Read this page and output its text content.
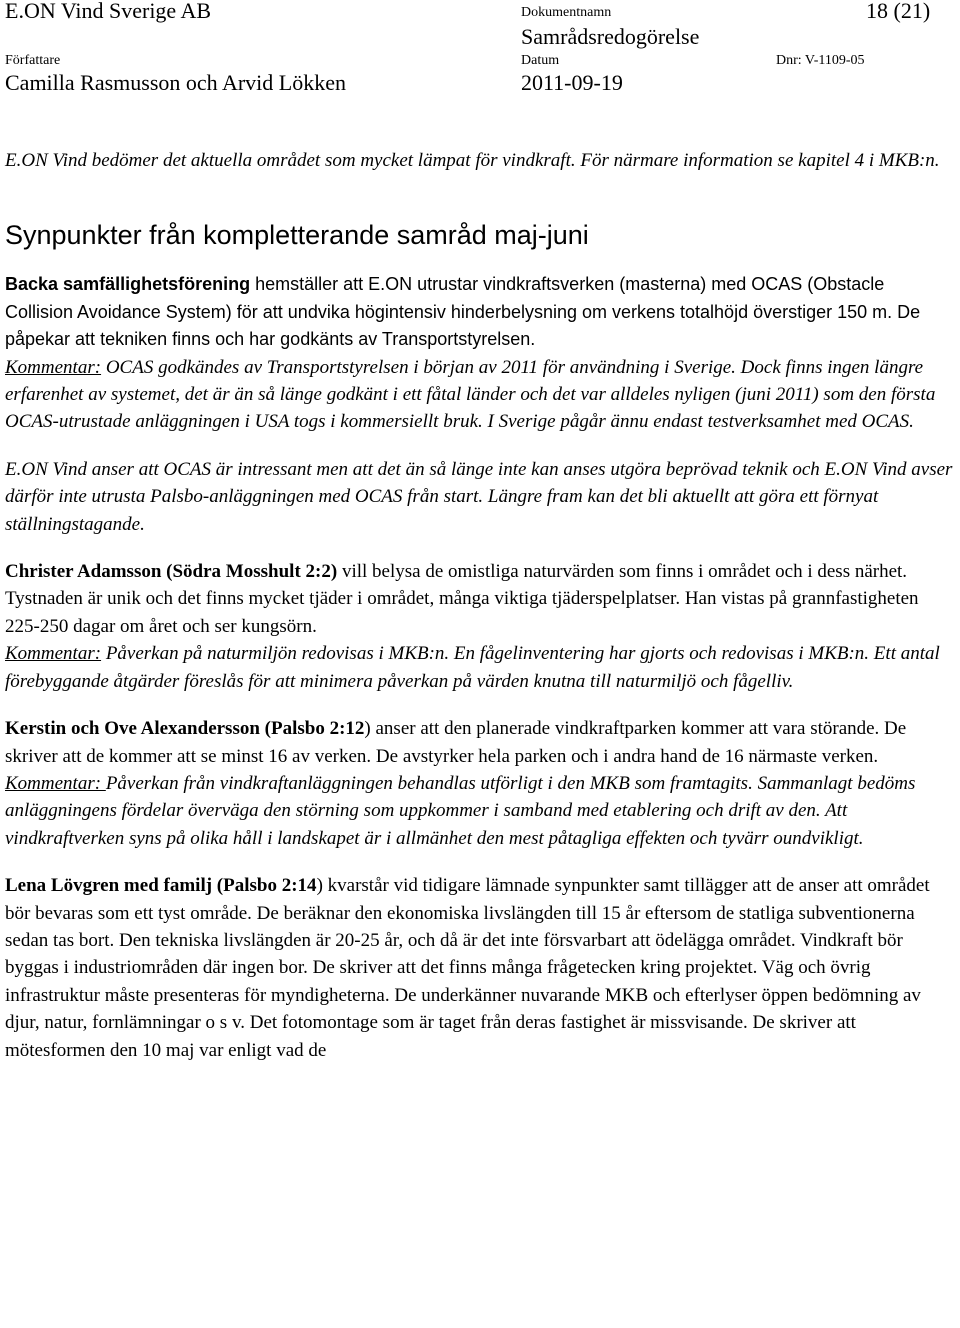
E.ON Vind Sverige AB	Dokumentnamn
Samrådsredogörelse
18 (21)
Författare
Camilla Rasmusson och Arvid Lökken
Datum
2011-09-19
Dnr: V-1109-05

E.ON Vind bedömer det aktuella området som mycket lämpat för vindkraft. För närmare information se kapitel 4 i MKB:n.

Synpunkter från kompletterande samråd maj-juni

Backa samfällighetsförening hemställer att E.ON utrustar vindkraftsverken (masterna) med OCAS (Obstacle Collision Avoidance System) för att undvika högintensiv hinderbelysning om verkens totalhöjd överstiger 150 m. De påpekar att tekniken finns och har godkänts av Transportstyrelsen.

Kommentar: OCAS godkändes av Transportstyrelsen i början av 2011 för användning i Sverige. Dock finns ingen längre erfarenhet av systemet, det är än så länge godkänt i ett fåtal länder och det var alldeles nyligen (juni 2011) som den första OCAS-utrustade anläggningen i USA togs i kommersiellt bruk. I Sverige pågår ännu endast testverksamhet med OCAS.

E.ON Vind anser att OCAS är intressant men att det än så länge inte kan anses utgöra beprövad teknik och E.ON Vind avser därför inte utrusta Palsbo-anläggningen med OCAS från start. Längre fram kan det bli aktuellt att göra ett förnyat ställningstagande.

Christer Adamsson (Södra Mosshult 2:2) vill belysa de omistliga naturvärden som finns i området och i dess närhet. Tystnaden är unik och det finns mycket tjäder i området, många viktiga tjäderspelplatser. Han vistas på grannfastigheten 225-250 dagar om året och ser kungsörn.

Kommentar: Påverkan på naturmiljön redovisas i MKB:n. En fågelinventering har gjorts och redovisas i MKB:n. Ett antal förebyggande åtgärder föreslås för att minimera påverkan på värden knutna till naturmiljö och fågelliv.

Kerstin och Ove Alexandersson (Palsbo 2:12) anser att den planerade vindkraftparken kommer att vara störande. De skriver att de kommer att se minst 16 av verken. De avstyrker hela parken och i andra hand de 16 närmaste verken.

Kommentar: Påverkan från vindkraftanläggningen behandlas utförligt i den MKB som framtagits. Sammanlagt bedöms anläggningens fördelar överväga den störning som uppkommer i samband med etablering och drift av den. Att vindkraftverken syns på olika håll i landskapet är i allmänhet den mest påtagliga effekten och tyvärr oundvikligt.

Lena Lövgren med familj (Palsbo 2:14) kvarstår vid tidigare lämnade synpunkter samt tillägger att de anser att området bör bevaras som ett tyst område. De beräknar den ekonomiska livslängden till 15 år eftersom de statliga subventionerna sedan tas bort. Den tekniska livslängden är 20-25 år, och då är det inte försvarbart att ödelägga området. Vindkraft bör byggas i industriområden där ingen bor. De skriver att det finns många frågetecken kring projektet. Väg och övrig infrastruktur måste presenteras för myndigheterna. De underkänner nuvarande MKB och efterlyser öppen bedömning av djur, natur, fornlämningar o s v. Det fotomontage som är taget från deras fastighet är missvisande. De skriver att mötesformen den 10 maj var enligt vad de
